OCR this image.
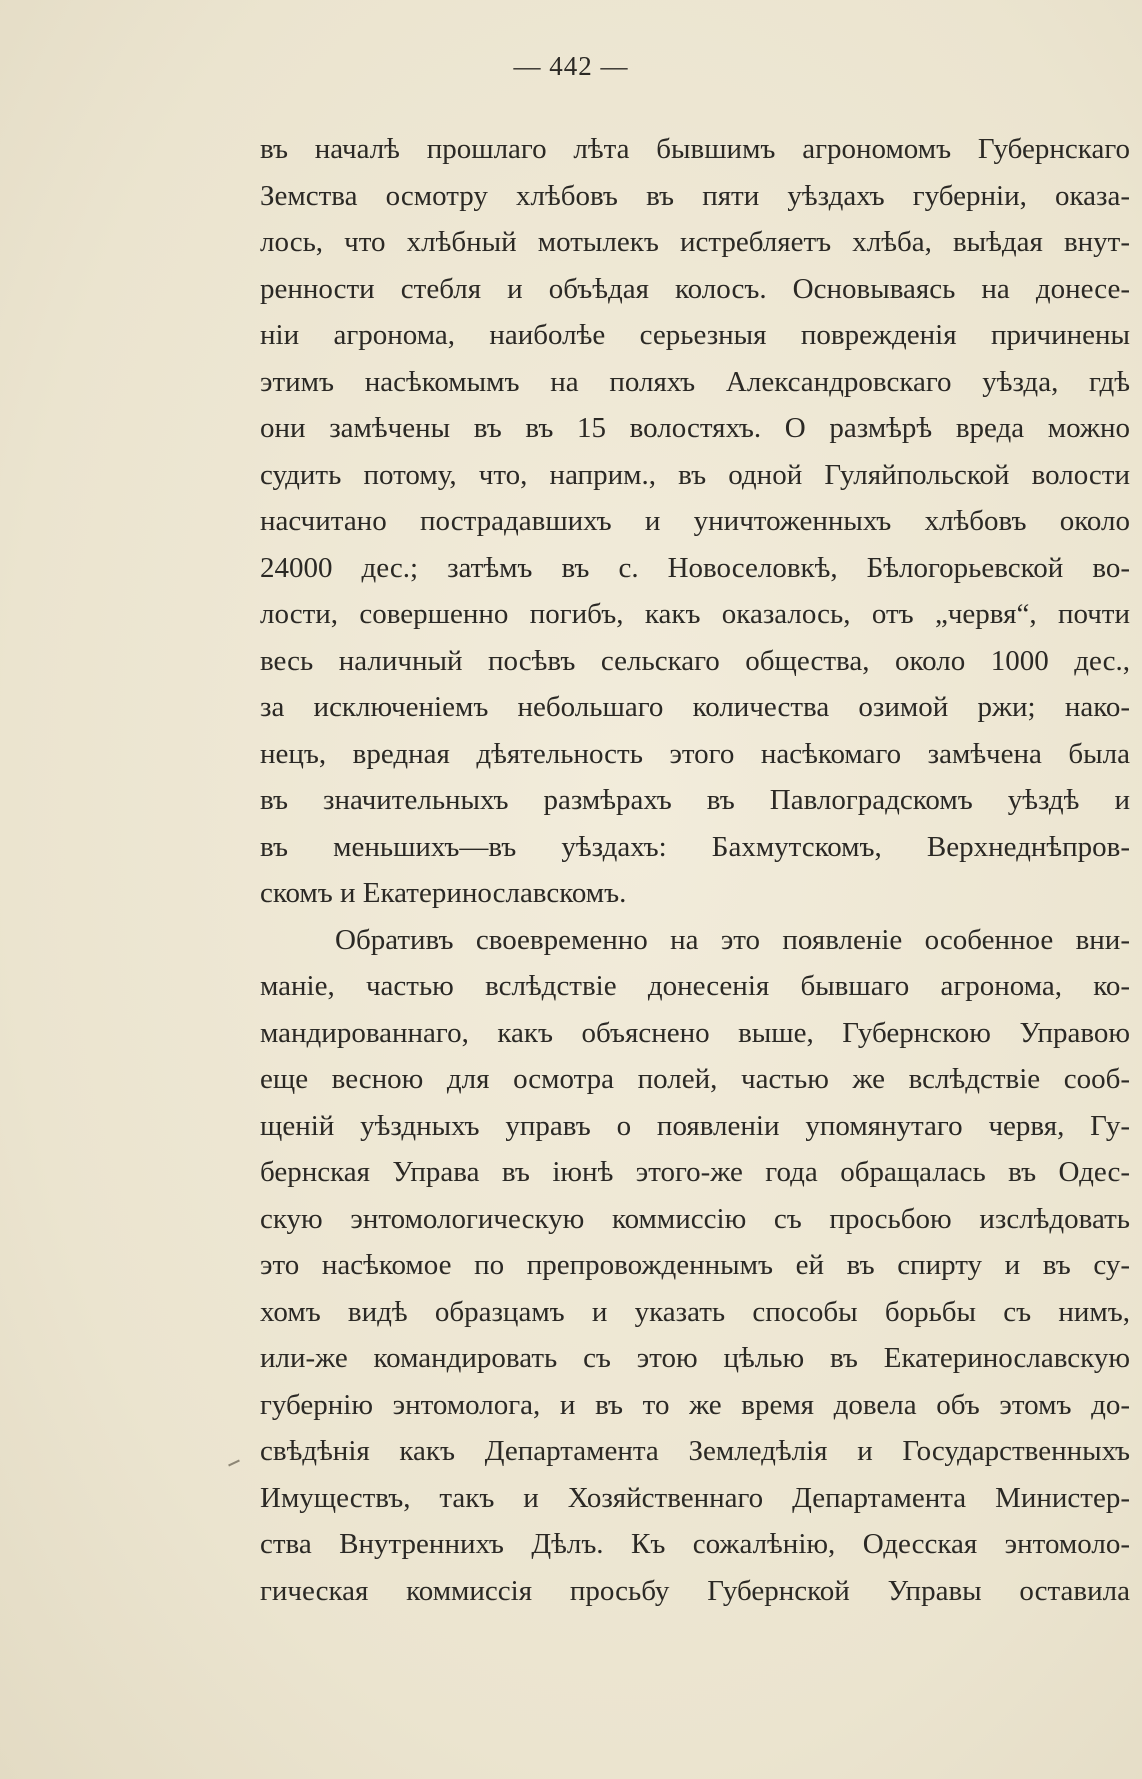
— 442 —
въ началѣ прошлаго лѣта бывшимъ агрономомъ Губернскаго
Земства осмотру хлѣбовъ въ пяти уѣздахъ губерніи, оказа-
лось, что хлѣбный мотылекъ истребляетъ хлѣба, выѣдая внут-
ренности стебля и объѣдая колосъ. Основываясь на донесе-
ніи агронома, наиболѣе серьезныя поврежденія причинены
этимъ насѣкомымъ на поляхъ Александровскаго уѣзда, гдѣ
они замѣчены въ въ 15 волостяхъ. О размѣрѣ вреда можно
судить потому, что, наприм., въ одной Гуляйпольской волости
насчитано пострадавшихъ и уничтоженныхъ хлѣбовъ около
24000 дес.; затѣмъ въ с. Новоселовкѣ, Бѣлогорьевской во-
лости, совершенно погибъ, какъ оказалось, отъ „червя“, почти
весь наличный посѣвъ сельскаго общества, около 1000 дес.,
за исключеніемъ небольшаго количества озимой ржи; нако-
нецъ, вредная дѣятельность этого насѣкомаго замѣчена была
въ значительныхъ размѣрахъ въ Павлоградскомъ уѣздѣ и
въ меньшихъ—въ уѣздахъ: Бахмутскомъ, Верхнеднѣпров-
скомъ и Екатеринославскомъ.
Обративъ своевременно на это появленіе особенное вни-
маніе, частью вслѣдствіе донесенія бывшаго агронома, ко-
мандированнаго, какъ объяснено выше, Губернскою Управою
еще весною для осмотра полей, частью же вслѣдствіе сооб-
щеній уѣздныхъ управъ о появленіи упомянутаго червя, Гу-
бернская Управа въ іюнѣ этого-же года обращалась въ Одес-
скую энтомологическую коммиссію съ просьбою изслѣдовать
это насѣкомое по препровожденнымъ ей въ спирту и въ су-
хомъ видѣ образцамъ и указать способы борьбы съ нимъ,
или-же командировать съ этою цѣлью въ Екатеринославскую
губернію энтомолога, и въ то же время довела объ этомъ до-
свѣдѣнія какъ Департамента Земледѣлія и Государственныхъ
Имуществъ, такъ и Хозяйственнаго Департамента Министер-
ства Внутреннихъ Дѣлъ. Къ сожалѣнію, Одесская энтомоло-
гическая коммиссія просьбу Губернской Управы оставила
